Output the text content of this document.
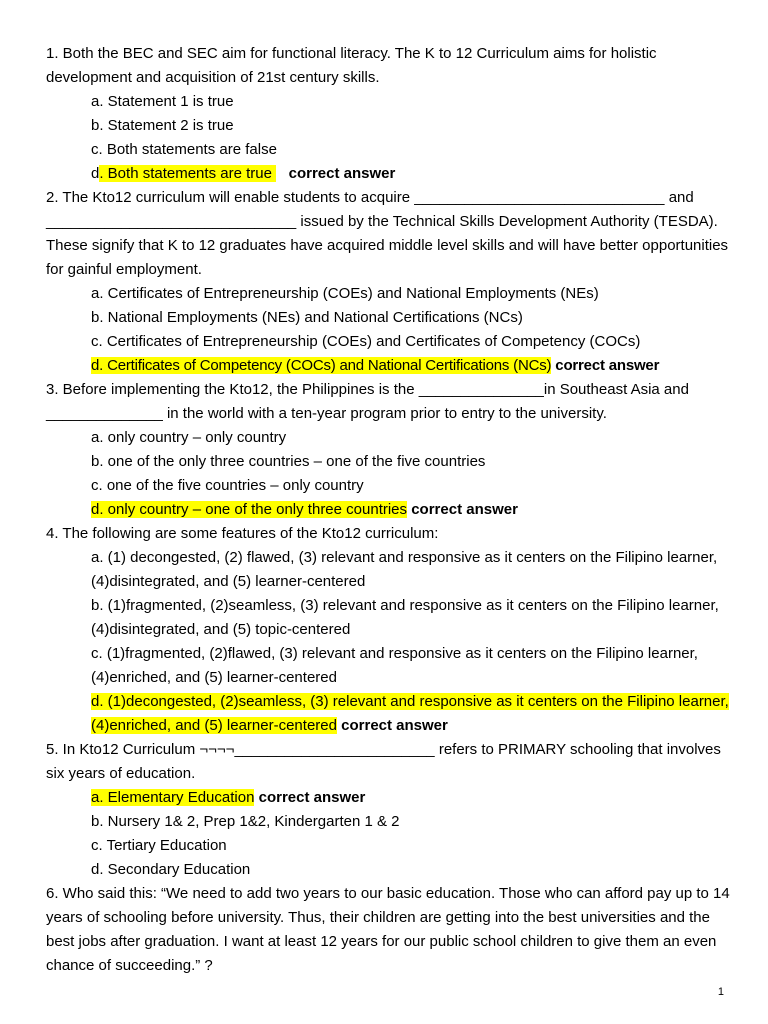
1. Both the BEC and SEC aim for functional literacy. The K to 12 Curriculum aims for holistic development and acquisition of 21st century skills.

a. Statement 1 is true

b. Statement 2 is true

c. Both statements are false

d. Both statements are true    correct answer

2. The Kto12 curriculum will enable students to acquire ______________________________ and ______________________________ issued by the Technical Skills Development Authority (TESDA). These signify that K to 12 graduates have acquired middle level skills and will have better opportunities for gainful employment.

a. Certificates of Entrepreneurship (COEs) and National Employments (NEs)

b. National Employments (NEs) and National Certifications (NCs)

c. Certificates of Entrepreneurship (COEs) and Certificates of Competency (COCs)

d. Certificates of Competency (COCs) and National Certifications (NCs) correct answer

3. Before implementing the Kto12, the Philippines is the _______________in Southeast Asia and ______________ in the world with a ten-year program prior to entry to the university.

a. only country – only country

b. one of the only three countries – one of the five countries

c. one of the five countries – only country

d. only country – one of the only three countries correct answer

4. The following are some features of the Kto12 curriculum:

a. (1) decongested, (2) flawed, (3) relevant and responsive as it centers on the Filipino learner, (4)disintegrated, and (5) learner-centered

b. (1)fragmented, (2)seamless, (3) relevant and responsive as it centers on the Filipino learner, (4)disintegrated, and (5) topic-centered

c. (1)fragmented, (2)flawed, (3) relevant and responsive as it centers on the Filipino learner, (4)enriched, and (5) learner-centered

d. (1)decongested, (2)seamless, (3) relevant and responsive as it centers on the Filipino learner, (4)enriched, and (5) learner-centered correct answer

5. In Kto12 Curriculum ¬¬¬¬________________________ refers to PRIMARY schooling that involves six years of education.

a. Elementary Education correct answer

b. Nursery 1& 2, Prep 1&2, Kindergarten 1 & 2

c. Tertiary Education

d. Secondary Education

6. Who said this: “We need to add two years to our basic education. Those who can afford pay up to 14 years of schooling before university. Thus, their children are getting into the best universities and the best jobs after graduation. I want at least 12 years for our public school children to give them an even chance of succeeding.” ?

1
